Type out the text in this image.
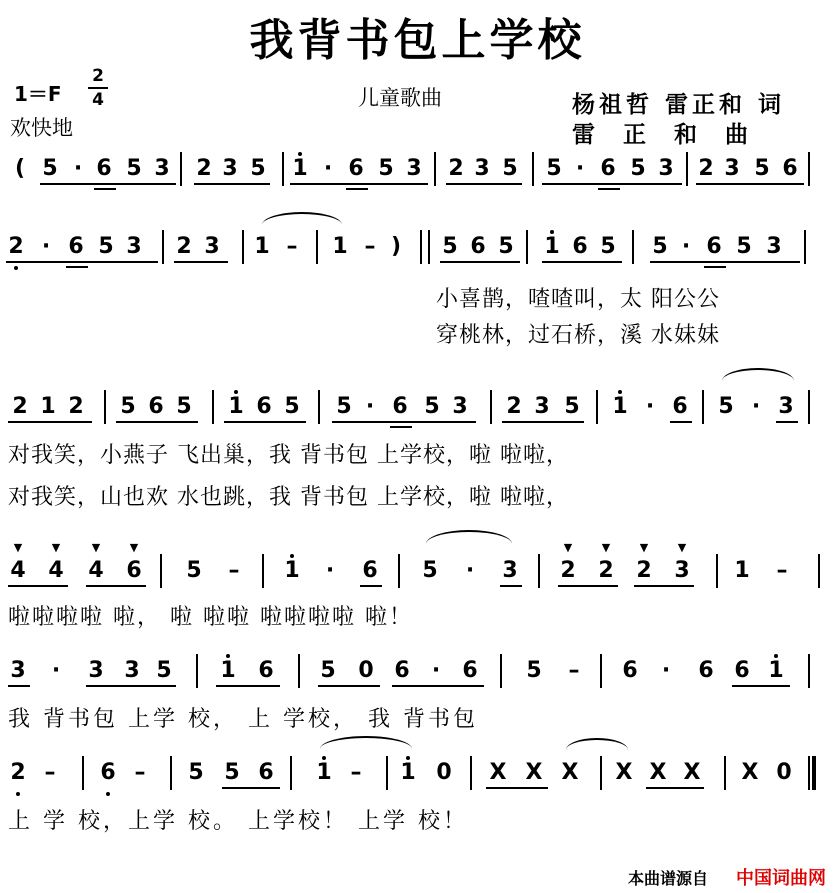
我背书包上学校
1＝F
2
4
欢快地
儿童歌曲	杨祖哲 雷正和 词
雷正和曲
( 5 · 6 5 3 2 3 5 1 · 6 5 3 2 3 5 5 · 6 5 3 2 3 5 6
2 · 6 5 3 2 3 1 – 1 – ) 5 6 5 1 6 5 5 · 6 5 3
2 1 2 5 6 5 1 6 5 5 · 6 5 3 2 3 5 1 · 6 5 · 3
▼	▼	▼	▼	▼	▼	▼	▼
4 4 4 6 5 – 1 · 6 5 · 3 2 2 2 3 1 –
3 · 3 3 5 1 6 5 0 6 · 6 5 – 6 · 6 6 1
2 – 6 – 5 5 6 1 – 1 0 X X X X X X X 0
小喜鹊，喳喳叫，太 阳公公
穿桃林，过石桥，溪 水妹妹
对我笑，小燕子 飞出巢，我 背书包 上学校，啦 啦啦，
对我笑，山也欢 水也跳，我 背书包 上学校，啦 啦啦，
啦啦啦啦 啦， 啦 啦啦 啦啦啦啦 啦！
我 背书包 上学 校， 上 学校， 我 背书包
上 学 校，上学 校。 上学校！ 上学 校！
本曲谱源自 中国词曲网
